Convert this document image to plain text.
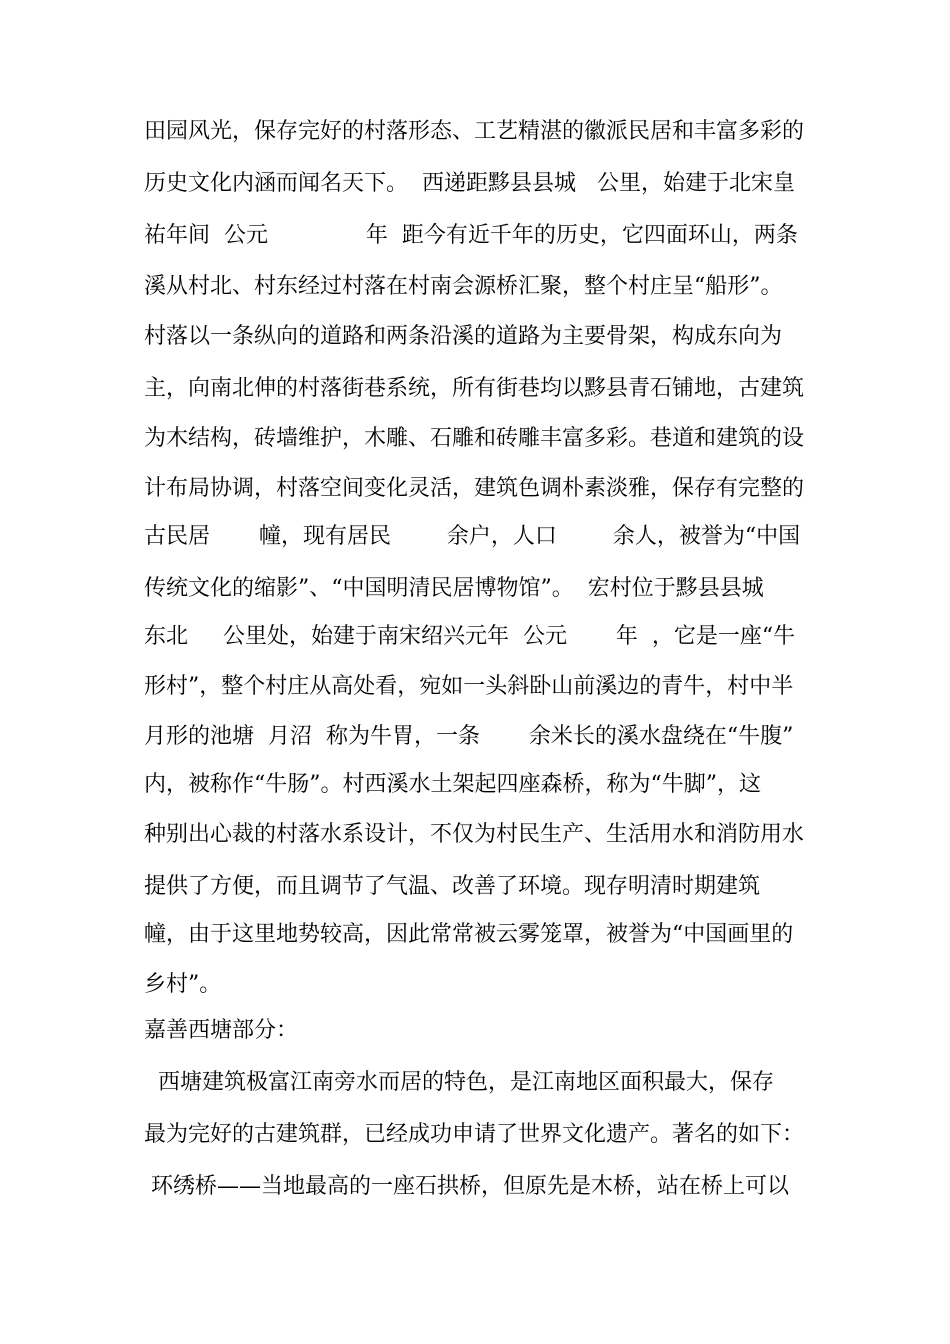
田园风光，保存完好的村落形态、工艺精湛的徽派民居和丰富多彩的

历史文化内涵而闻名天下。  西递距黟县县城   公里，始建于北宋皇

祐年间  公元              年  距今有近千年的历史，它四面环山，两条

溪从村北、村东经过村落在村南会源桥汇聚，整个村庄呈“船形”。

村落以一条纵向的道路和两条沿溪的道路为主要骨架，构成东向为

主，向南北伸的村落街巷系统，所有街巷均以黟县青石铺地，古建筑

为木结构，砖墙维护，木雕、石雕和砖雕丰富多彩。巷道和建筑的设

计布局协调，村落空间变化灵活，建筑色调朴素淡雅，保存有完整的

古民居       幢，现有居民        余户，人口        余人，被誉为“中国

传统文化的缩影”、“中国明清民居博物馆”。  宏村位于黟县县城

东北     公里处，始建于南宋绍兴元年  公元       年  ，它是一座“牛

形村”，整个村庄从高处看，宛如一头斜卧山前溪边的青牛，村中半

月形的池塘  月沼  称为牛胃，一条       余米长的溪水盘绕在“牛腹”

内，被称作“牛肠”。村西溪水土架起四座森桥，称为“牛脚”，这

种别出心裁的村落水系设计，不仅为村民生产、生活用水和消防用水

提供了方便，而且调节了气温、改善了环境。现存明清时期建筑

幢，由于这里地势较高，因此常常被云雾笼罩，被誉为“中国画里的

乡村”。

嘉善西塘部分：

西塘建筑极富江南旁水而居的特色，是江南地区面积最大，保存

最为完好的古建筑群，已经成功申请了世界文化遗产。著名的如下：

环绣桥——当地最高的一座石拱桥，但原先是木桥，站在桥上可以
